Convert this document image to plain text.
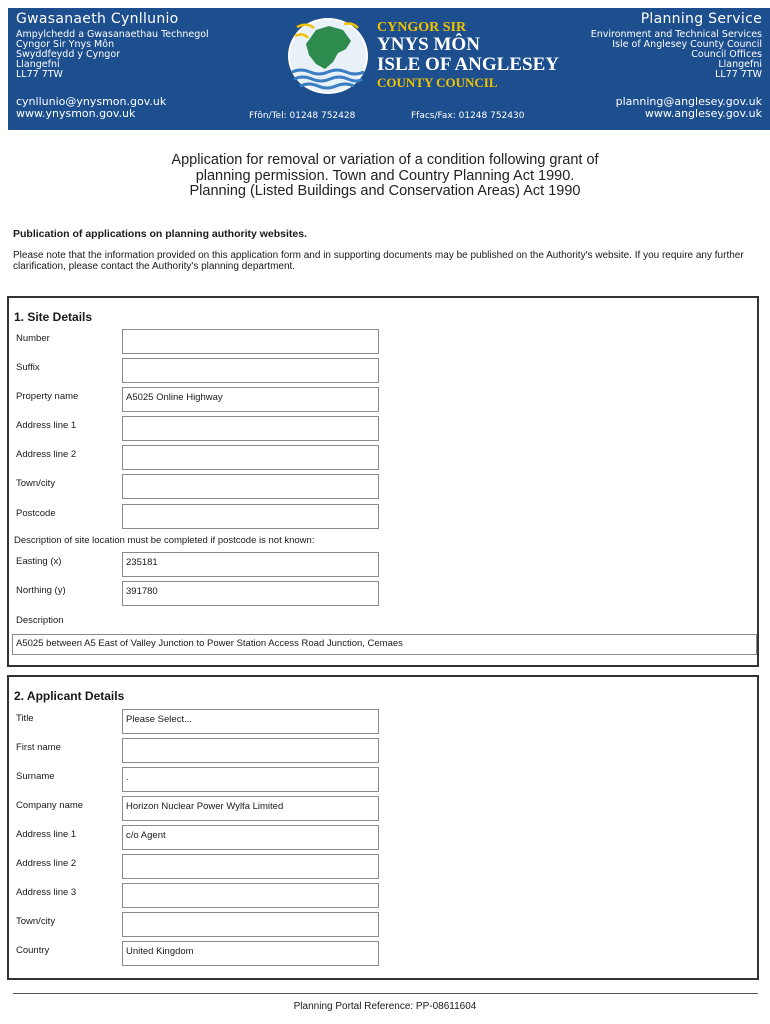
Gwasanaeth Cynllunio
Ampylchedd a Gwasanaethau Technegol
Cyngor Sir Ynys Môn
Swyddfeydd y Cyngor
Llangefni
LL77 7TW
cynllunio@ynysmon.gov.uk
www.ynysmon.gov.uk	Ffôn/Tel: 01248 752428	Ffacs/Fax: 01248 752430
CYNGOR SIR
YNYS MÔN
ISLE OF ANGLESEY
COUNTY COUNCIL
Planning Service
Environment and Technical Services
Isle of Anglesey County Council
Council Offices
Llangefni
LL77 7TW
planning@anglesey.gov.uk
www.anglesey.gov.uk
Application for removal or variation of a condition following grant of
planning permission. Town and Country Planning Act 1990.
Planning (Listed Buildings and Conservation Areas) Act 1990
Publication of applications on planning authority websites.
Please note that the information provided on this application form and in supporting documents may be published on the Authority's website. If you require any further clarification, please contact the Authority's planning department.
1. Site Details
Number
Suffix
Property name	A5025 Online Highway
Address line 1
Address line 2
Town/city
Postcode
Description of site location must be completed if postcode is not known:
Easting (x)	235181
Northing (y)	391780
Description
A5025 between A5 East of Valley Junction to Power Station Access Road Junction, Cemaes
2. Applicant Details
Title	Please Select...
First name
Surname	.
Company name	Horizon Nuclear Power Wylfa Limited
Address line 1	c/o Agent
Address line 2
Address line 3
Town/city
Country	United Kingdom
Planning Portal Reference: PP-08611604
